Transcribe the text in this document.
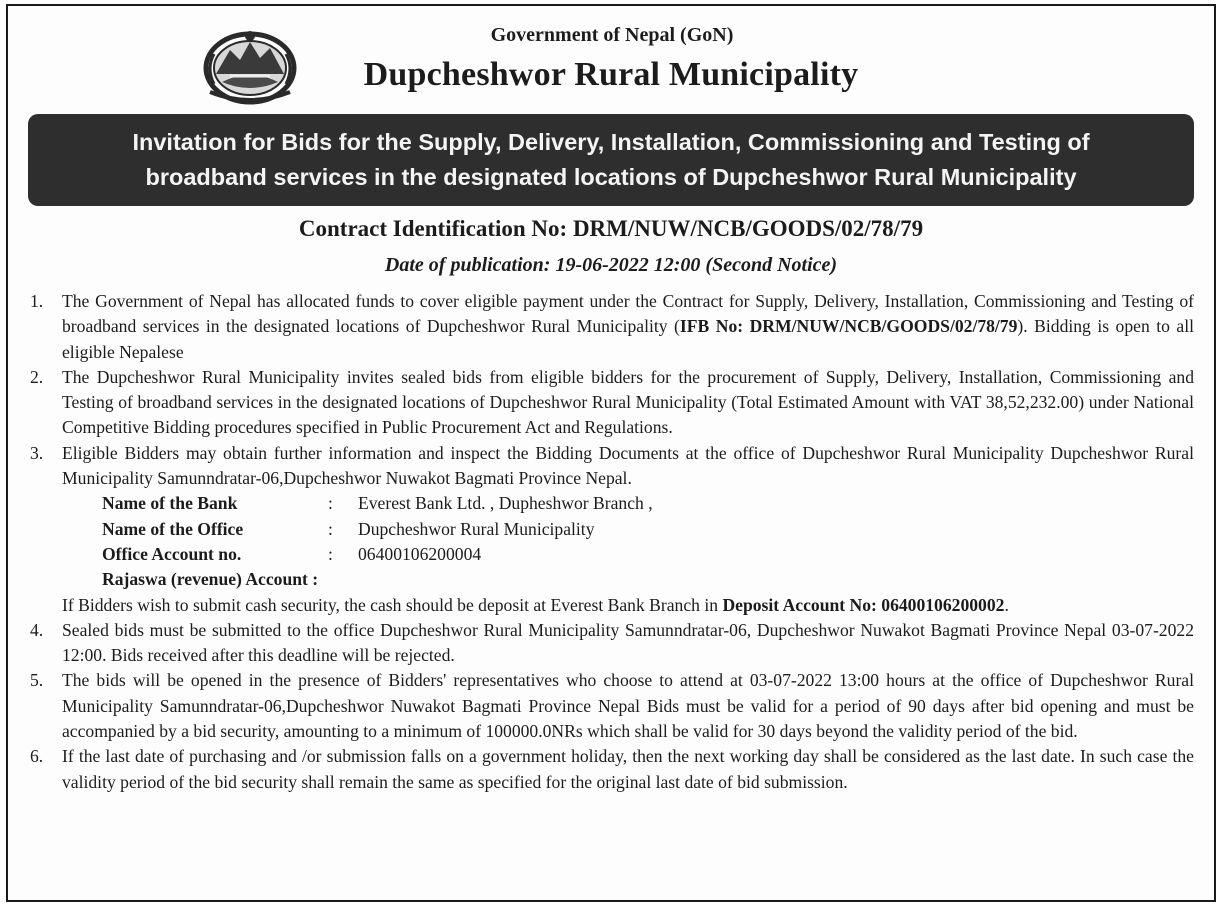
Government of Nepal (GoN)
Dupcheshwor Rural Municipality
Invitation for Bids for the Supply, Delivery, Installation, Commissioning and Testing of
broadband services in the designated locations of Dupcheshwor Rural Municipality
Contract Identification No: DRM/NUW/NCB/GOODS/02/78/79
Date of publication: 19-06-2022 12:00 (Second Notice)
1. The Government of Nepal has allocated funds to cover eligible payment under the Contract for Supply, Delivery, Installation, Commissioning and Testing of broadband services in the designated locations of Dupcheshwor Rural Municipality (IFB No: DRM/NUW/NCB/GOODS/02/78/79). Bidding is open to all eligible Nepalese
2. The Dupcheshwor Rural Municipality invites sealed bids from eligible bidders for the procurement of Supply, Delivery, Installation, Commissioning and Testing of broadband services in the designated locations of Dupcheshwor Rural Municipality (Total Estimated Amount with VAT 38,52,232.00) under National Competitive Bidding procedures specified in Public Procurement Act and Regulations.
3. Eligible Bidders may obtain further information and inspect the Bidding Documents at the office of Dupcheshwor Rural Municipality Dupcheshwor Rural Municipality Samunndratar-06,Dupcheshwor Nuwakot Bagmati Province Nepal.
Name of the Bank	:	Everest Bank Ltd. , Dupheshwor Branch ,
Name of the Office	:	Dupcheshwor Rural Municipality
Office Account no.	:	06400106200004
Rajaswa (revenue) Account :
If Bidders wish to submit cash security, the cash should be deposit at Everest Bank Branch in Deposit Account No: 06400106200002.
4. Sealed bids must be submitted to the office Dupcheshwor Rural Municipality Samunndratar-06, Dupcheshwor Nuwakot Bagmati Province Nepal 03-07-2022 12:00. Bids received after this deadline will be rejected.
5. The bids will be opened in the presence of Bidders' representatives who choose to attend at 03-07-2022 13:00 hours at the office of Dupcheshwor Rural Municipality Samunndratar-06,Dupcheshwor Nuwakot Bagmati Province Nepal Bids must be valid for a period of 90 days after bid opening and must be accompanied by a bid security, amounting to a minimum of 100000.0NRs which shall be valid for 30 days beyond the validity period of the bid.
6. If the last date of purchasing and /or submission falls on a government holiday, then the next working day shall be considered as the last date. In such case the validity period of the bid security shall remain the same as specified for the original last date of bid submission.
